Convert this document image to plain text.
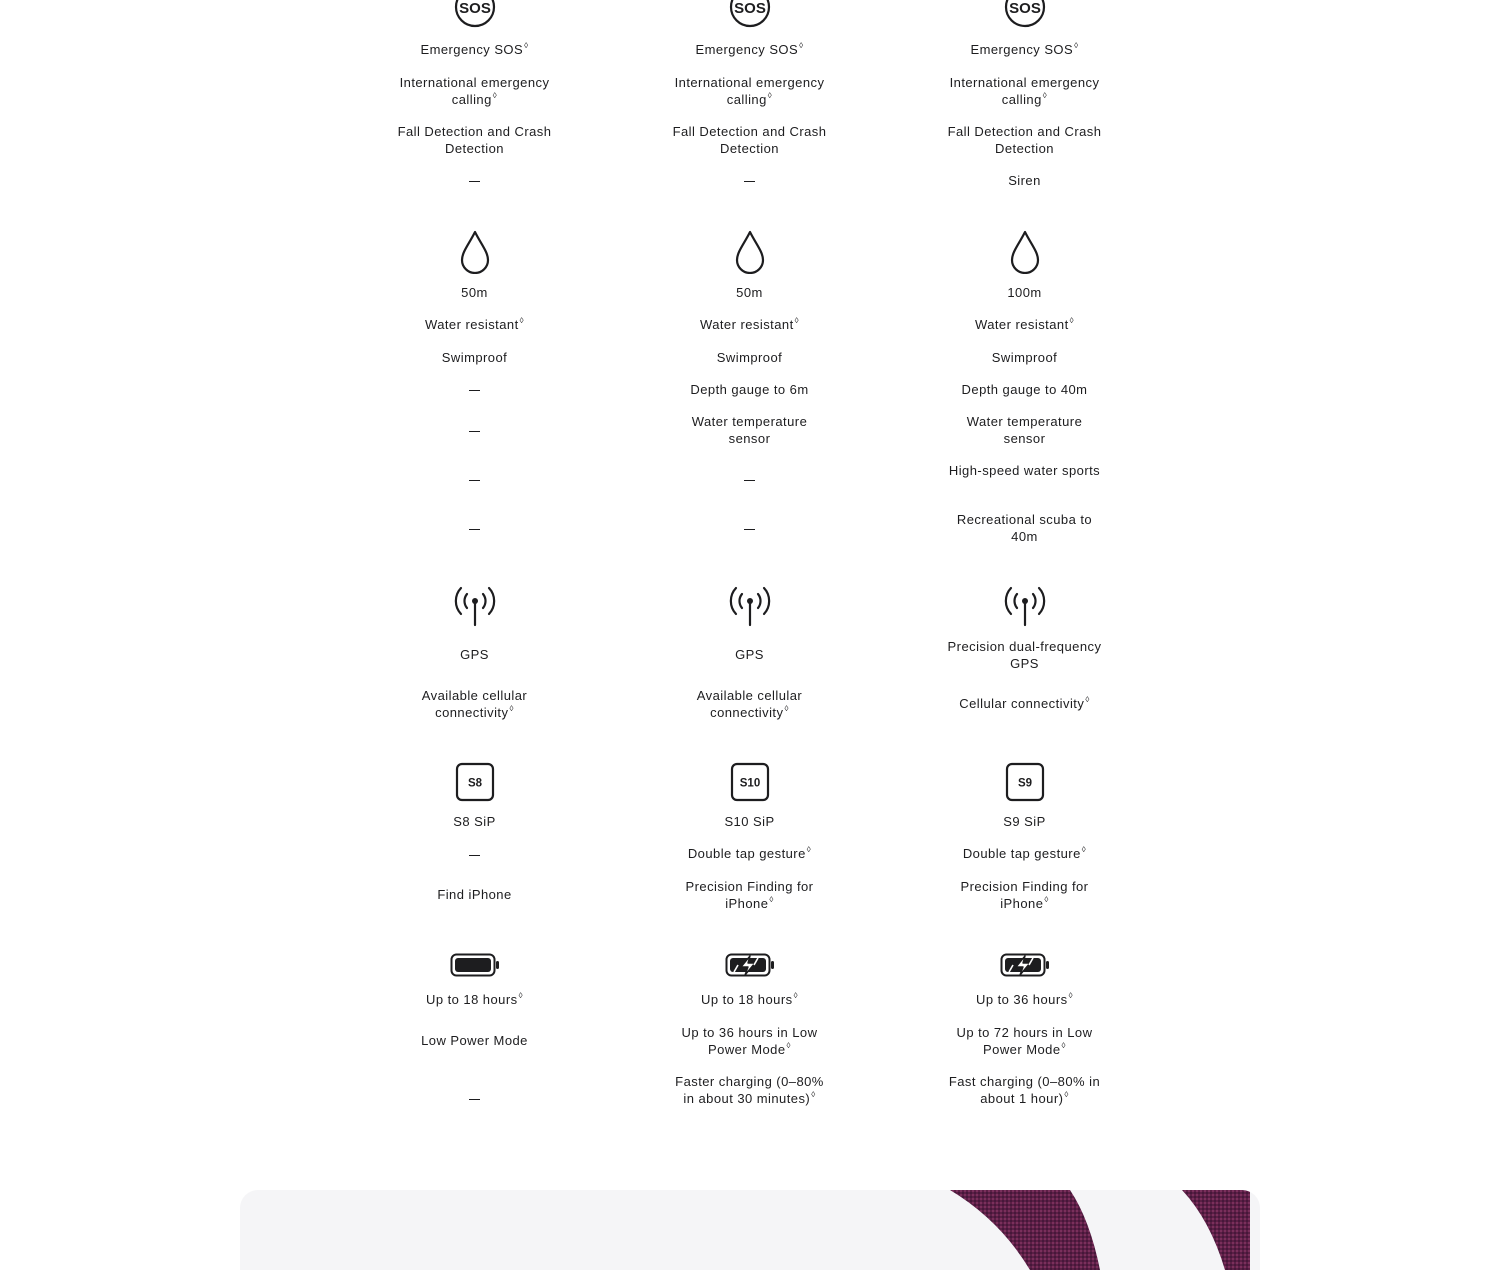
SOS
Emergency SOS◊
International emergency calling◊
Fall Detection and Crash Detection
50m
Water resistant◊
Swimproof
GPS
Available cellular connectivity◊
S8
S8 SiP
Find iPhone
Up to 18 hours◊
Low Power Mode
SOS
Emergency SOS◊
International emergency calling◊
Fall Detection and Crash Detection
50m
Water resistant◊
Swimproof
Depth gauge to 6m
Water temperature sensor
GPS
Available cellular connectivity◊
S10
S10 SiP
Double tap gesture◊
Precision Finding for iPhone◊
Up to 18 hours◊
Up to 36 hours in Low Power Mode◊
Faster charging (0–80% in about 30 minutes)◊
SOS
Emergency SOS◊
International emergency calling◊
Fall Detection and Crash Detection
Siren
100m
Water resistant◊
Swimproof
Depth gauge to 40m
Water temperature sensor
High-speed water sports
Recreational scuba to 40m
Precision dual-frequency GPS
Cellular connectivity◊
S9
S9 SiP
Double tap gesture◊
Precision Finding for iPhone◊
Up to 36 hours◊
Up to 72 hours in Low Power Mode◊
Fast charging (0–80% in about 1 hour)◊
